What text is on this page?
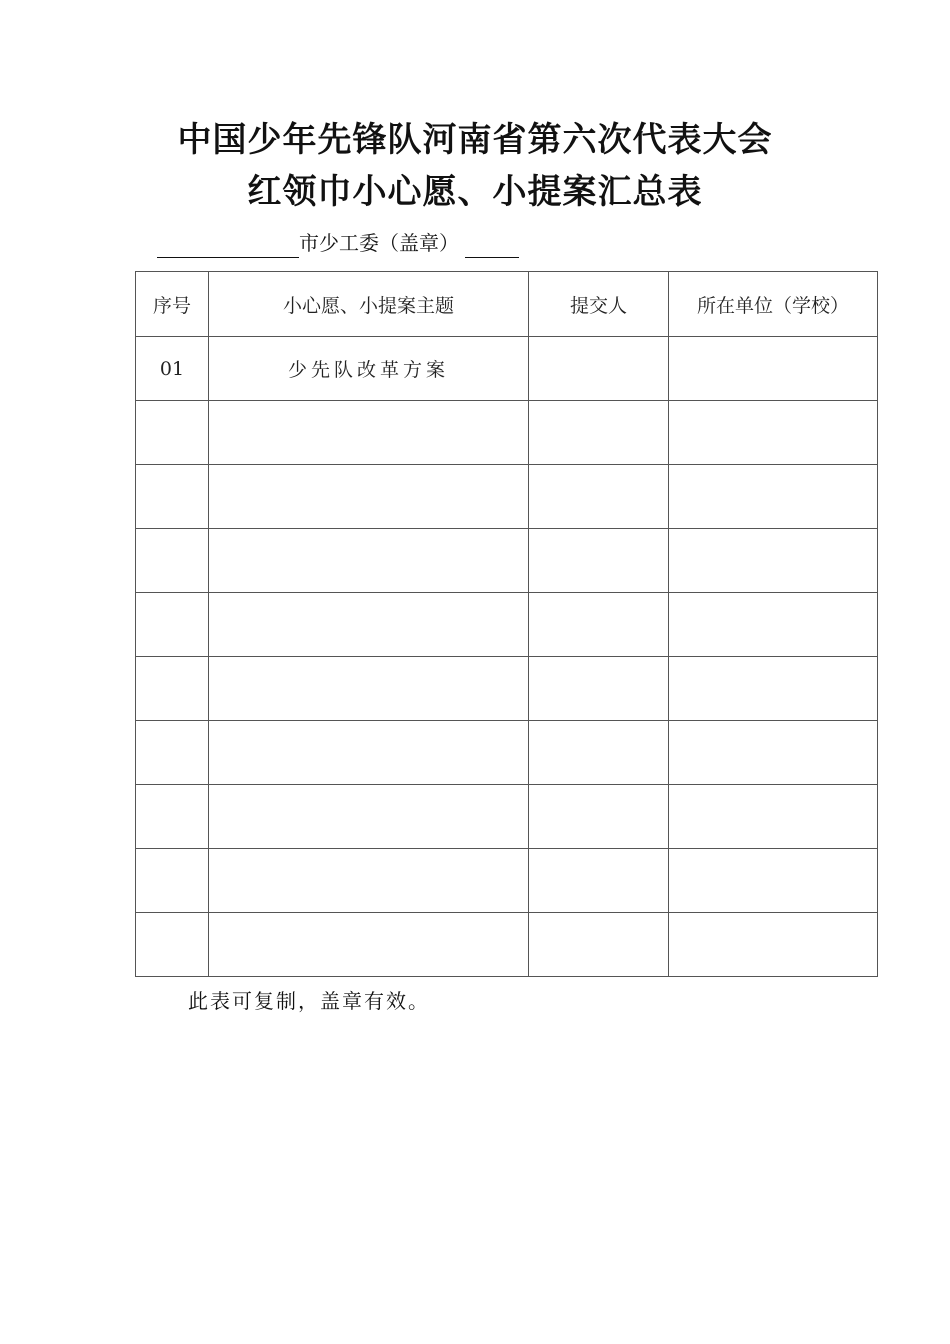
中国少年先锋队河南省第六次代表大会
红领巾小心愿、小提案汇总表
市少工委（盖章）
序号	小心愿、小提案主题	提交人	所在单位（学校）
01	少先队改革方案		

此表可复制，盖章有效。
